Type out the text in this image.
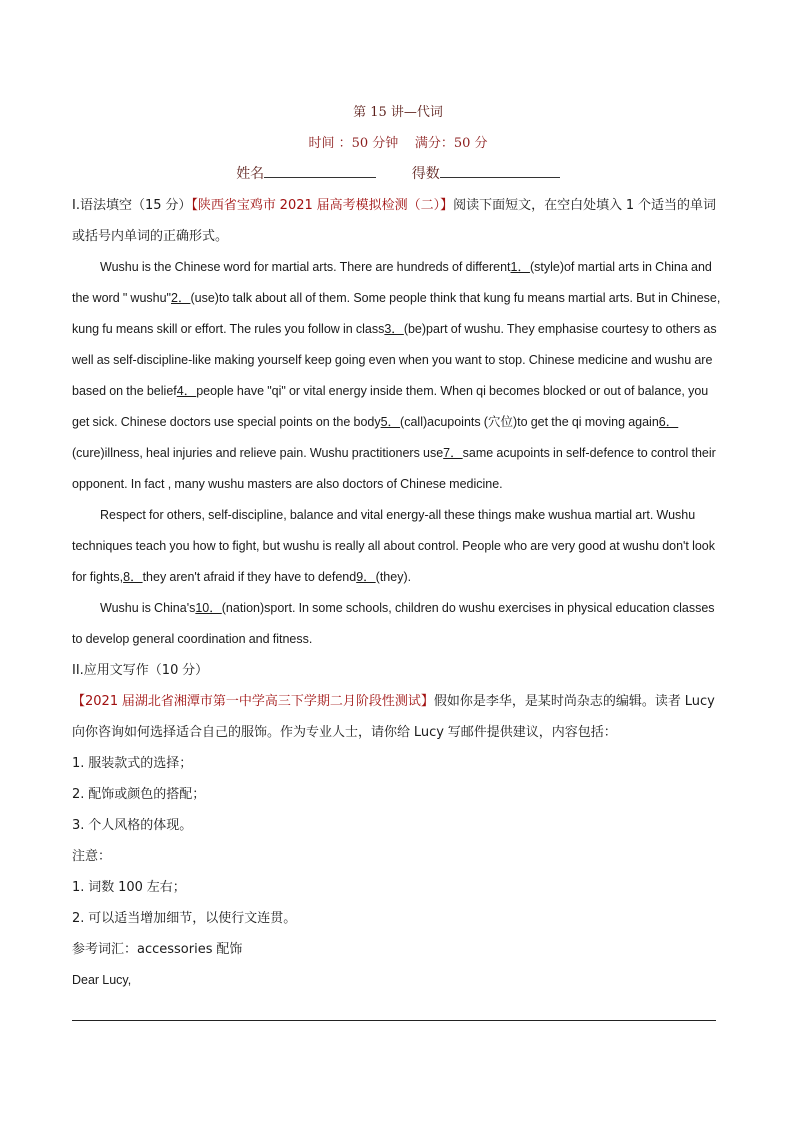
第 15 讲—代词
时间 ：50 分钟 满分：50 分
姓名	得数

I.语法填空（15 分）【陕西省宝鸡市 2021 届高考模拟检测（二）】阅读下面短文，在空白处填入 1 个适当的单词或括号内单词的正确形式。

Wushu is the Chinese word for martial arts. There are hundreds of different1．(style)of martial arts in China and the word " wushu"2．(use)to talk about all of them. Some people think that kung fu means martial arts. But in Chinese, kung fu means skill or effort. The rules you follow in class3．(be)part of wushu. They emphasise courtesy to others as well as self-discipline-like making yourself keep going even when you want to stop. Chinese medicine and wushu are based on the belief4．people have "qi" or vital energy inside them. When qi becomes blocked or out of balance, you get sick. Chinese doctors use special points on the body5．(call)acupoints (穴位)to get the qi moving again6．(cure)illness, heal injuries and relieve pain. Wushu practitioners use7．same acupoints in self-defence to control their opponent. In fact , many wushu masters are also doctors of Chinese medicine.

Respect for others, self-discipline, balance and vital energy-all these things make wushua martial art. Wushu techniques teach you how to fight, but wushu is really all about control. People who are very good at wushu don't look for fights,8．they aren't afraid if they have to defend9．(they).

Wushu is China's10．(nation)sport. In some schools, children do wushu exercises in physical education classes to develop general coordination and fitness.

II.应用文写作（10 分）

【2021 届湖北省湘潭市第一中学高三下学期二月阶段性测试】假如你是李华，是某时尚杂志的编辑。读者 Lucy 向你咨询如何选择适合自己的服饰。作为专业人士，请你给 Lucy 写邮件提供建议，内容包括：

1. 服装款式的选择；

2. 配饰或颜色的搭配；

3. 个人风格的体现。

注意：

1. 词数 100 左右；

2. 可以适当增加细节，以使行文连贯。

参考词汇：accessories 配饰

Dear Lucy,
